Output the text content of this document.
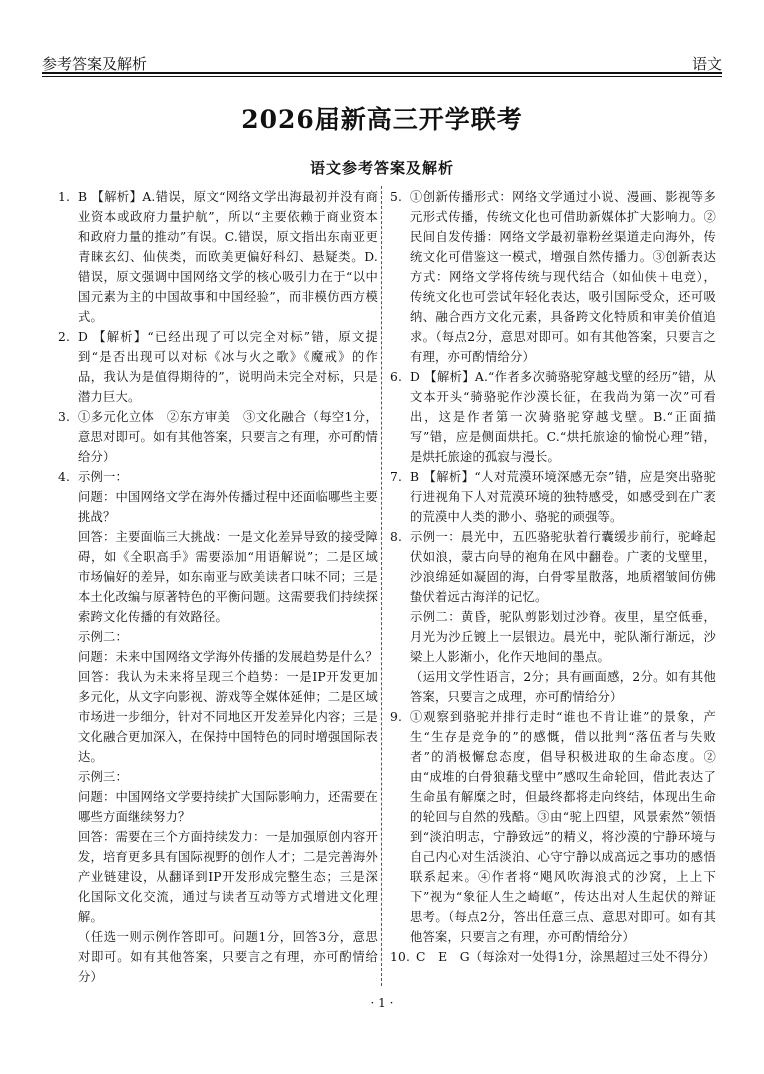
参考答案及解析	语文
2026届新高三开学联考
语文参考答案及解析
1. B 【解析】A.错误，原文“网络文学出海最初并没有商业资本或政府力量护航”，所以“主要依赖于商业资本和政府力量的推动”有误。C.错误，原文指出东南亚更青睐玄幻、仙侠类，而欧美更偏好科幻、悬疑类。D.错误，原文强调中国网络文学的核心吸引力在于“以中国元素为主的中国故事和中国经验”，而非模仿西方模式。

2. D 【解析】“已经出现了可以完全对标”错，原文提到“是否出现可以对标《冰与火之歌》《魔戒》的作品，我认为是值得期待的”，说明尚未完全对标，只是潜力巨大。

3. ①多元化立体　②东方审美　③文化融合（每空1分，意思对即可。如有其他答案，只要言之有理，亦可酌情给分）

4. 示例一：

问题：中国网络文学在海外传播过程中还面临哪些主要挑战？

回答：主要面临三大挑战：一是文化差异导致的接受障碍，如《全职高手》需要添加“用语解说”；二是区域市场偏好的差异，如东南亚与欧美读者口味不同；三是本土化改编与原著特色的平衡问题。这需要我们持续探索跨文化传播的有效路径。

示例二：

问题：未来中国网络文学海外传播的发展趋势是什么？

回答：我认为未来将呈现三个趋势：一是IP开发更加多元化，从文字向影视、游戏等全媒体延伸；二是区域市场进一步细分，针对不同地区开发差异化内容；三是文化融合更加深入，在保持中国特色的同时增强国际表达。

示例三：

问题：中国网络文学要持续扩大国际影响力，还需要在哪些方面继续努力？

回答：需要在三个方面持续发力：一是加强原创内容开发，培育更多具有国际视野的创作人才；二是完善海外产业链建设，从翻译到IP开发形成完整生态；三是深化国际文化交流，通过与读者互动等方式增进文化理解。

（任选一则示例作答即可。问题1分，回答3分，意思对即可。如有其他答案，只要言之有理，亦可酌情给分）

5. ①创新传播形式：网络文学通过小说、漫画、影视等多元形式传播，传统文化也可借助新媒体扩大影响力。②民间自发传播：网络文学最初靠粉丝渠道走向海外，传统文化可借鉴这一模式，增强自然传播力。③创新表达方式：网络文学将传统与现代结合（如仙侠＋电竞），传统文化也可尝试年轻化表达，吸引国际受众，还可吸纳、融合西方文化元素，具备跨文化特质和审美价值追求。（每点2分，意思对即可。如有其他答案，只要言之有理，亦可酌情给分）

6. D 【解析】A.“作者多次骑骆驼穿越戈壁的经历”错，从文本开头“骑骆驼作沙漠长征，在我尚为第一次”可看出，这是作者第一次骑骆驼穿越戈壁。B.“正面描写”错，应是侧面烘托。C.“烘托旅途的愉悦心理”错，是烘托旅途的孤寂与漫长。

7. B 【解析】“人对荒漠环境深感无奈”错，应是突出骆驼行进视角下人对荒漠环境的独特感受，如感受到在广袤的荒漠中人类的渺小、骆驼的顽强等。

8. 示例一：晨光中，五匹骆驼驮着行囊缓步前行，驼峰起伏如浪，蒙古向导的袍角在风中翻卷。广袤的戈壁里，沙浪绵延如凝固的海，白骨零星散落，地质褶皱间仿佛蛰伏着远古海洋的记忆。

示例二：黄昏，驼队剪影划过沙脊。夜里，星空低垂，月光为沙丘镀上一层银边。晨光中，驼队渐行渐远，沙梁上人影渐小，化作天地间的墨点。

（运用文学性语言，2分；具有画面感，2分。如有其他答案，只要言之成理，亦可酌情给分）

9. ①观察到骆驼并排行走时“谁也不肯让谁”的景象，产生“生存是竞争的”的感慨，借以批判“落伍者与失败者”的消极懈怠态度，倡导积极进取的生命态度。②由“成堆的白骨狼藉戈壁中”感叹生命轮回，借此表达了生命虽有解糜之时，但最终都将走向终结，体现出生命的轮回与自然的残酷。③由“驼上四望，风景索然”领悟到“淡泊明志，宁静致远”的精义，将沙漠的宁静环境与自己内心对生活淡泊、心守宁静以成高远之事功的感悟联系起来。④作者将“飓风吹海浪式的沙窝，上上下下”视为“象征人生之崎岖”，传达出对人生起伏的辩证思考。（每点2分，答出任意三点、意思对即可。如有其他答案，只要言之有理，亦可酌情给分）

10. C　E　G（每涂对一处得1分，涂黑超过三处不得分）

· 1 ·
